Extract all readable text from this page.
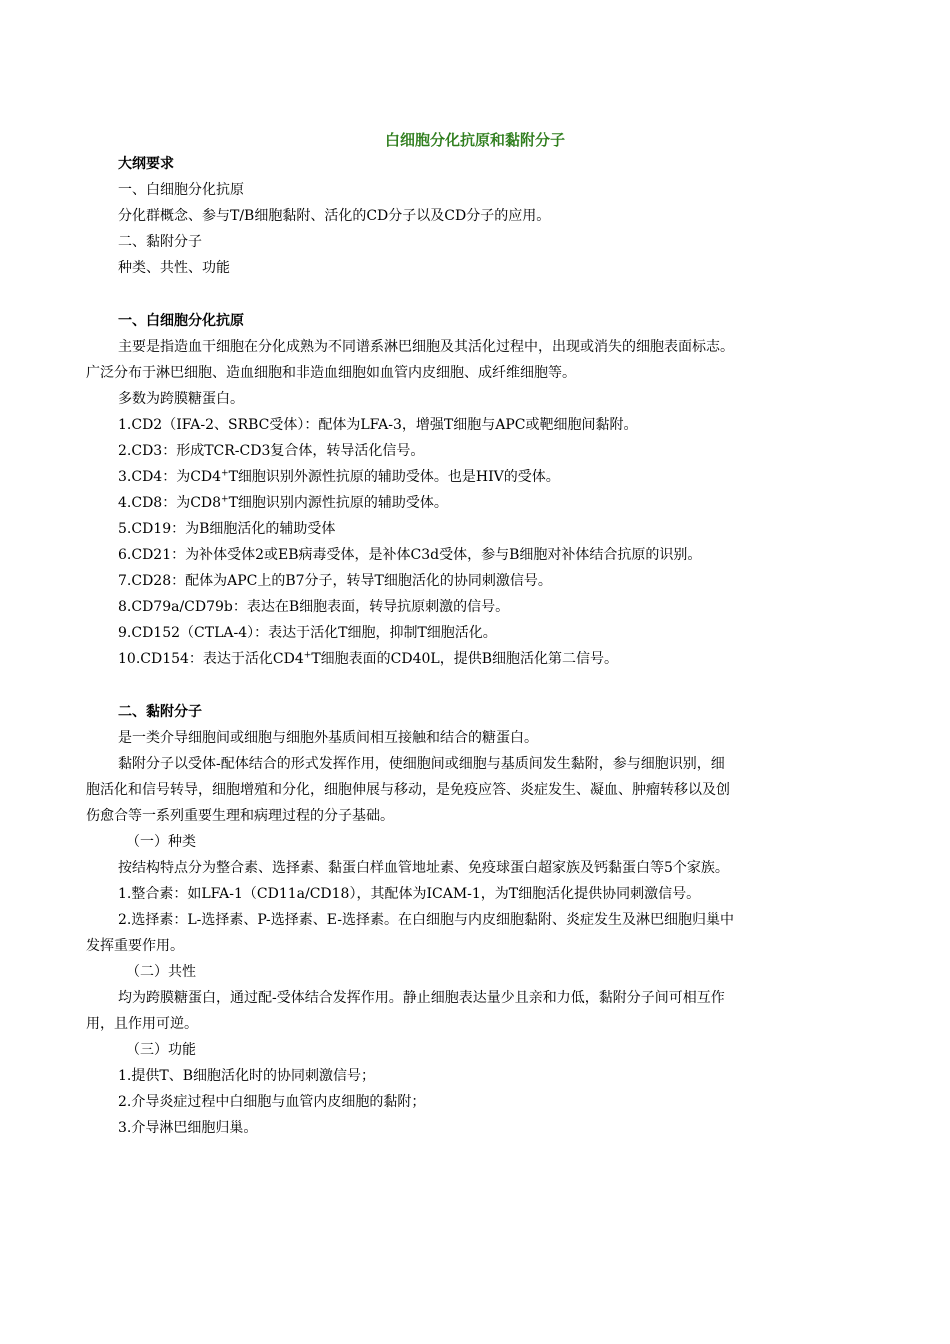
白细胞分化抗原和黏附分子
大纲要求
一、白细胞分化抗原
分化群概念、参与T/B细胞黏附、活化的CD分子以及CD分子的应用。
二、黏附分子
种类、共性、功能
一、白细胞分化抗原
主要是指造血干细胞在分化成熟为不同谱系淋巴细胞及其活化过程中，出现或消失的细胞表面标志。
广泛分布于淋巴细胞、造血细胞和非造血细胞如血管内皮细胞、成纤维细胞等。
多数为跨膜糖蛋白。
1.CD2（IFA-2、SRBC受体）：配体为LFA-3，增强T细胞与APC或靶细胞间黏附。
2.CD3：形成TCR-CD3复合体，转导活化信号。
3.CD4：为CD4+T细胞识别外源性抗原的辅助受体。也是HIV的受体。
4.CD8：为CD8+T细胞识别内源性抗原的辅助受体。
5.CD19：为B细胞活化的辅助受体
6.CD21：为补体受体2或EB病毒受体，是补体C3d受体，参与B细胞对补体结合抗原的识别。
7.CD28：配体为APC上的B7分子，转导T细胞活化的协同刺激信号。
8.CD79a/CD79b：表达在B细胞表面，转导抗原刺激的信号。
9.CD152（CTLA-4）：表达于活化T细胞，抑制T细胞活化。
10.CD154：表达于活化CD4+T细胞表面的CD40L，提供B细胞活化第二信号。
二、黏附分子
是一类介导细胞间或细胞与细胞外基质间相互接触和结合的糖蛋白。
黏附分子以受体-配体结合的形式发挥作用，使细胞间或细胞与基质间发生黏附，参与细胞识别，细
胞活化和信号转导，细胞增殖和分化，细胞伸展与移动，是免疫应答、炎症发生、凝血、肿瘤转移以及创
伤愈合等一系列重要生理和病理过程的分子基础。
（一）种类
按结构特点分为整合素、选择素、黏蛋白样血管地址素、免疫球蛋白超家族及钙黏蛋白等5个家族。
1.整合素：如LFA-1（CD11a/CD18），其配体为ICAM-1，为T细胞活化提供协同刺激信号。
2.选择素：L-选择素、P-选择素、E-选择素。在白细胞与内皮细胞黏附、炎症发生及淋巴细胞归巢中
发挥重要作用。
（二）共性
均为跨膜糖蛋白，通过配-受体结合发挥作用。静止细胞表达量少且亲和力低，黏附分子间可相互作
用，且作用可逆。
（三）功能
1.提供T、B细胞活化时的协同刺激信号；
2.介导炎症过程中白细胞与血管内皮细胞的黏附；
3.介导淋巴细胞归巢。
